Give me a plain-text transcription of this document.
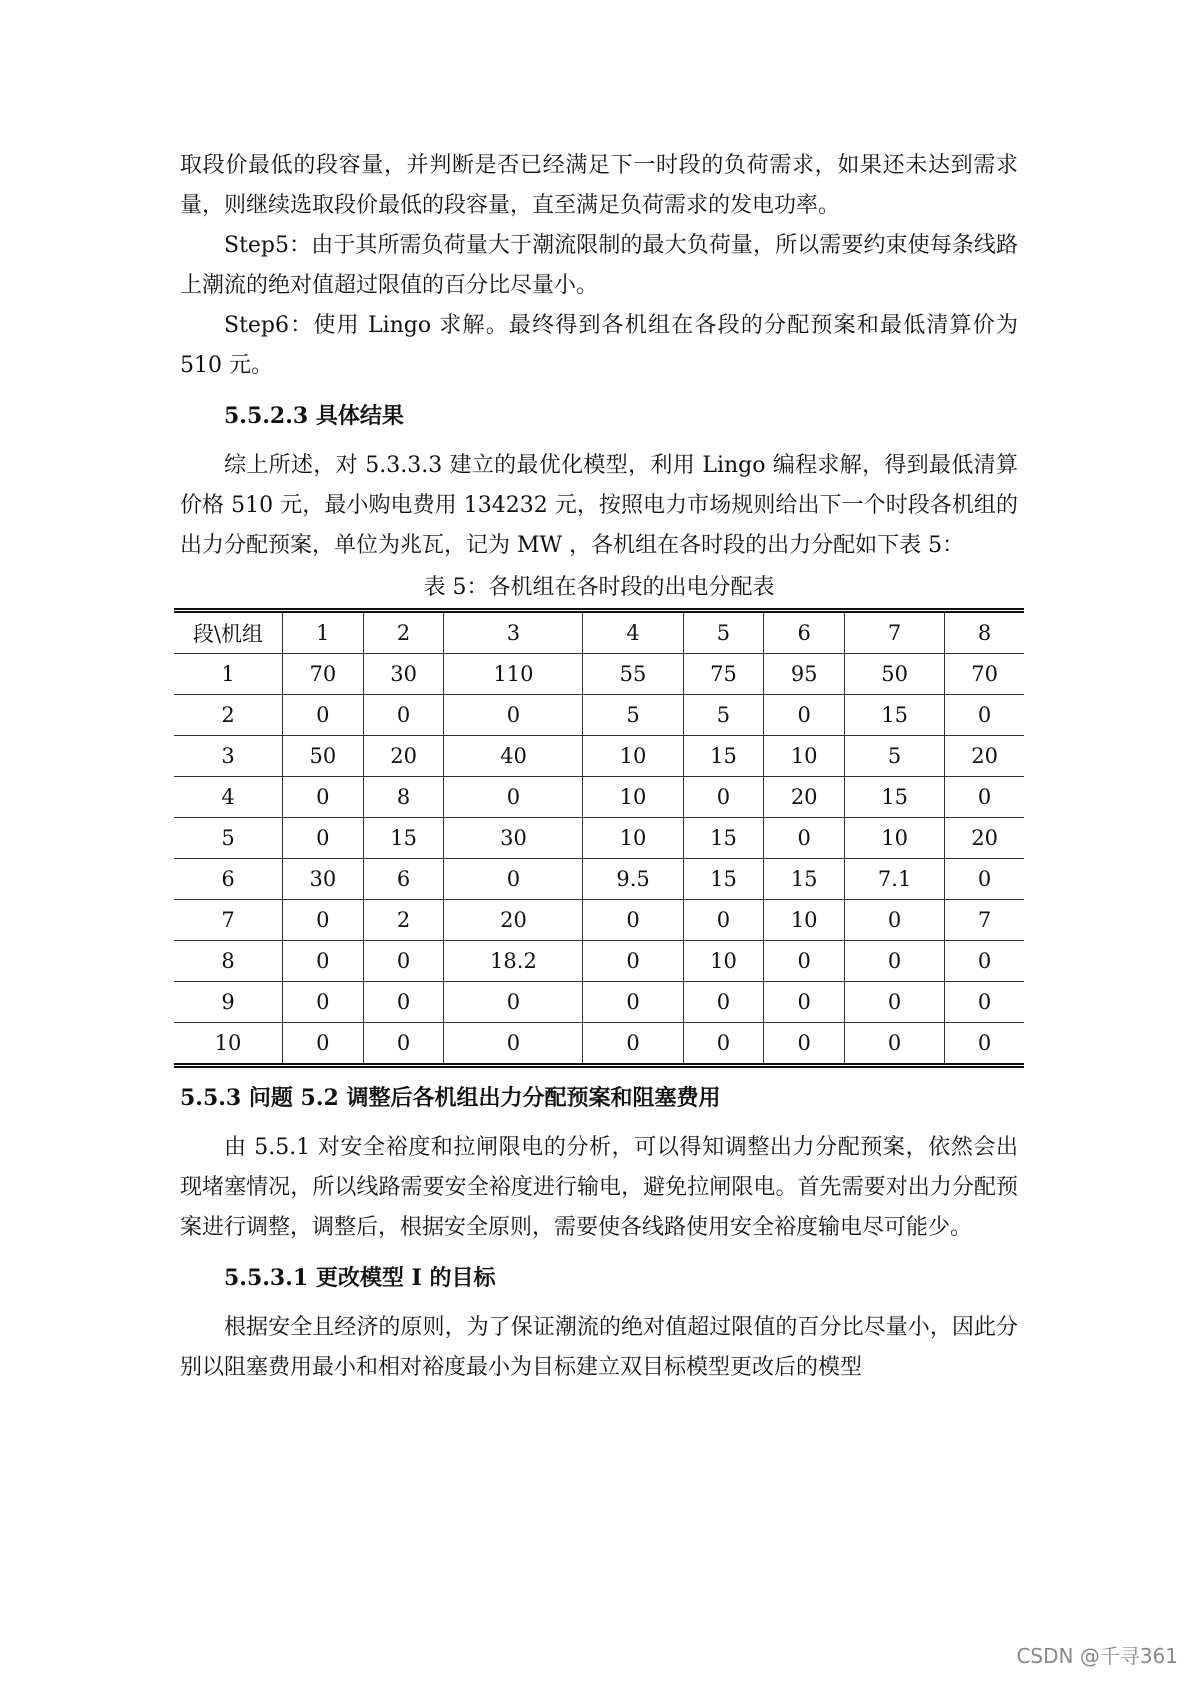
取段价最低的段容量，并判断是否已经满足下一时段的负荷需求，如果还未达到需求量，则继续选取段价最低的段容量，直至满足负荷需求的发电功率。

Step5：由于其所需负荷量大于潮流限制的最大负荷量，所以需要约束使每条线路上潮流的绝对值超过限值的百分比尽量小。

Step6：使用 Lingo 求解。最终得到各机组在各段的分配预案和最低清算价为 510 元。

5.5.2.3 具体结果

综上所述，对 5.3.3.3 建立的最优化模型，利用 Lingo 编程求解，得到最低清算价格 510 元，最小购电费用 134232 元，按照电力市场规则给出下一个时段各机组的出力分配预案，单位为兆瓦，记为 MW ，各机组在各时段的出力分配如下表 5：

表 5：各机组在各时段的出电分配表
段\机组	1	2	3	4	5	6	7	8
1	70	30	110	55	75	95	50	70
2	0	0	0	5	5	0	15	0
3	50	20	40	10	15	10	5	20
4	0	8	0	10	0	20	15	0
5	0	15	30	10	15	0	10	20
6	30	6	0	9.5	15	15	7.1	0
7	0	2	20	0	0	10	0	7
8	0	0	18.2	0	10	0	0	0
9	0	0	0	0	0	0	0	0
10	0	0	0	0	0	0	0	0
5.5.3 问题 5.2 调整后各机组出力分配预案和阻塞费用

由 5.5.1 对安全裕度和拉闸限电的分析，可以得知调整出力分配预案，依然会出现堵塞情况，所以线路需要安全裕度进行输电，避免拉闸限电。首先需要对出力分配预案进行调整，调整后，根据安全原则，需要使各线路使用安全裕度输电尽可能少。

5.5.3.1 更改模型 I 的目标

根据安全且经济的原则，为了保证潮流的绝对值超过限值的百分比尽量小，因此分别以阻塞费用最小和相对裕度最小为目标建立双目标模型更改后的模型

CSDN @千寻361
